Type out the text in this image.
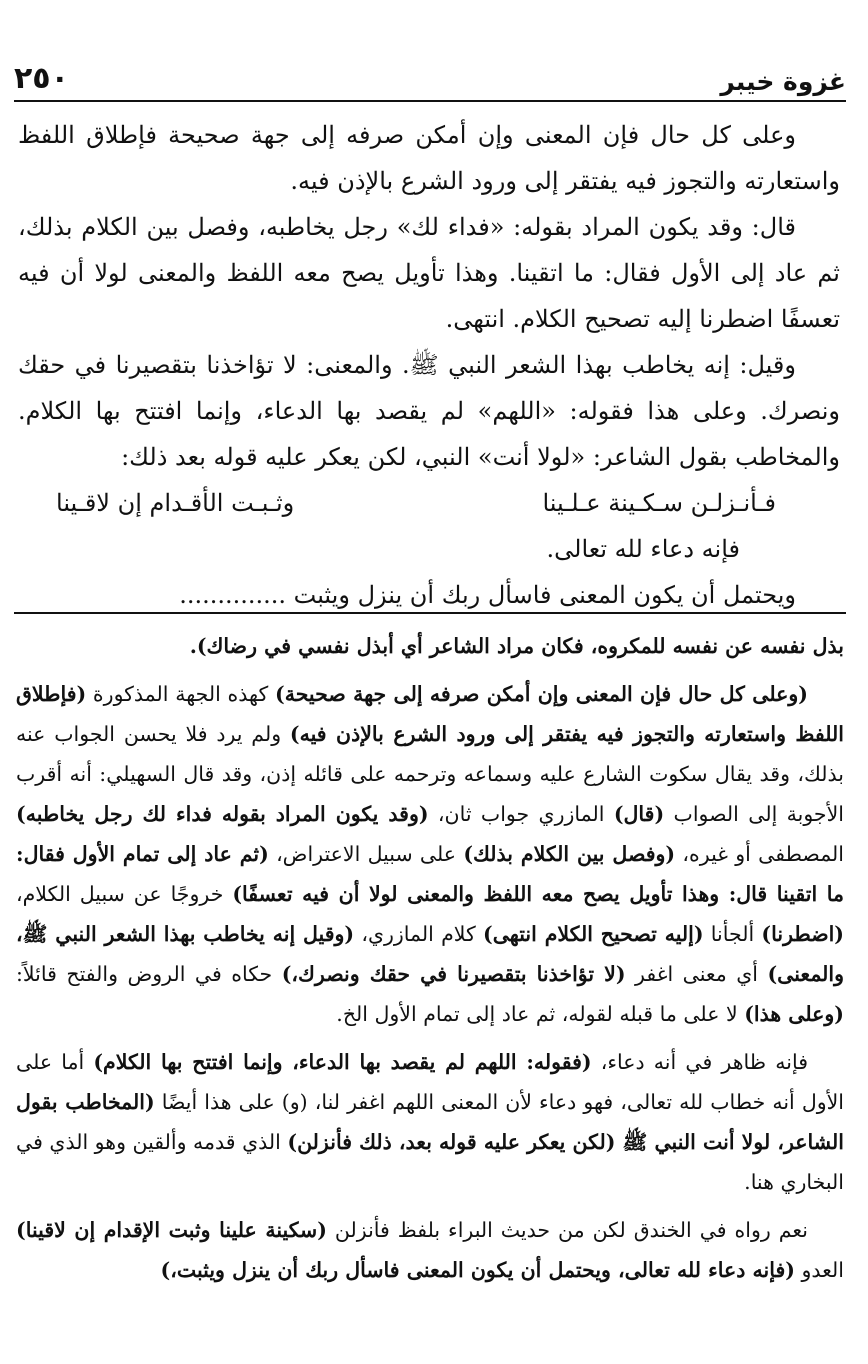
غزوة خيبر
٢٥٠

وعلى كل حال فإن المعنى وإن أمكن صرفه إلى جهة صحيحة فإطلاق اللفظ واستعارته والتجوز فيه يفتقر إلى ورود الشرع بالإذن فيه.

قال: وقد يكون المراد بقوله: «فداء لك» رجل يخاطبه، وفصل بين الكلام بذلك، ثم عاد إلى الأول فقال: ما اتقينا. وهذا تأويل يصح معه اللفظ والمعنى لولا أن فيه تعسفًا اضطرنا إليه تصحيح الكلام. انتهى.

وقيل: إنه يخاطب بهذا الشعر النبي ﷺ. والمعنى: لا تؤاخذنا بتقصيرنا في حقك ونصرك. وعلى هذا فقوله: «اللهم» لم يقصد بها الدعاء، وإنما افتتح بها الكلام. والمخاطب بقول الشاعر: «لولا أنت» النبي، لكن يعكر عليه قوله بعد ذلك:

فـأنـزلـن سـكـينة عـلـينا
وثـبـت الأقـدام إن لاقـينا

فإنه دعاء لله تعالى.

ويحتمل أن يكون المعنى فاسأل ربك أن ينزل ويثبت ..............

بذل نفسه عن نفسه للمكروه، فكان مراد الشاعر أي أبذل نفسي في رضاك).

(وعلى كل حال فإن المعنى وإن أمكن صرفه إلى جهة صحيحة) كهذه الجهة المذكورة (فإطلاق اللفظ واستعارته والتجوز فيه يفتقر إلى ورود الشرع بالإذن فيه) ولم يرد فلا يحسن الجواب عنه بذلك، وقد يقال سكوت الشارع عليه وسماعه وترحمه على قائله إذن، وقد قال السهيلي: أنه أقرب الأجوبة إلى الصواب (قال) المازري جواب ثان، (وقد يكون المراد بقوله فداء لك رجل يخاطبه) المصطفى أو غيره، (وفصل بين الكلام بذلك) على سبيل الاعتراض، (ثم عاد إلى تمام الأول فقال: ما اتقينا قال: وهذا تأويل يصح معه اللفظ والمعنى لولا أن فيه تعسفًا) خروجًا عن سبيل الكلام، (اضطرنا) ألجأنا (إليه تصحيح الكلام انتهى) كلام المازري، (وقيل إنه يخاطب بهذا الشعر النبي ﷺ، والمعنى) أي معنى اغفر (لا تؤاخذنا بتقصيرنا في حقك ونصرك،) حكاه في الروض والفتح قائلاً: (وعلى هذا) لا على ما قبله لقوله، ثم عاد إلى تمام الأول الخ.

فإنه ظاهر في أنه دعاء، (فقوله: اللهم لم يقصد بها الدعاء، وإنما افتتح بها الكلام) أما على الأول أنه خطاب لله تعالى، فهو دعاء لأن المعنى اللهم اغفر لنا، (و) على هذا أيضًا (المخاطب بقول الشاعر، لولا أنت النبي ﷺ (لكن يعكر عليه قوله بعد، ذلك فأنزلن) الذي قدمه وألقين وهو الذي في البخاري هنا.

نعم رواه في الخندق لكن من حديث البراء بلفظ فأنزلن (سكينة علينا وثبت الإقدام إن لاقينا) العدو (فإنه دعاء لله تعالى، ويحتمل أن يكون المعنى فاسأل ربك أن ينزل ويثبت،)
